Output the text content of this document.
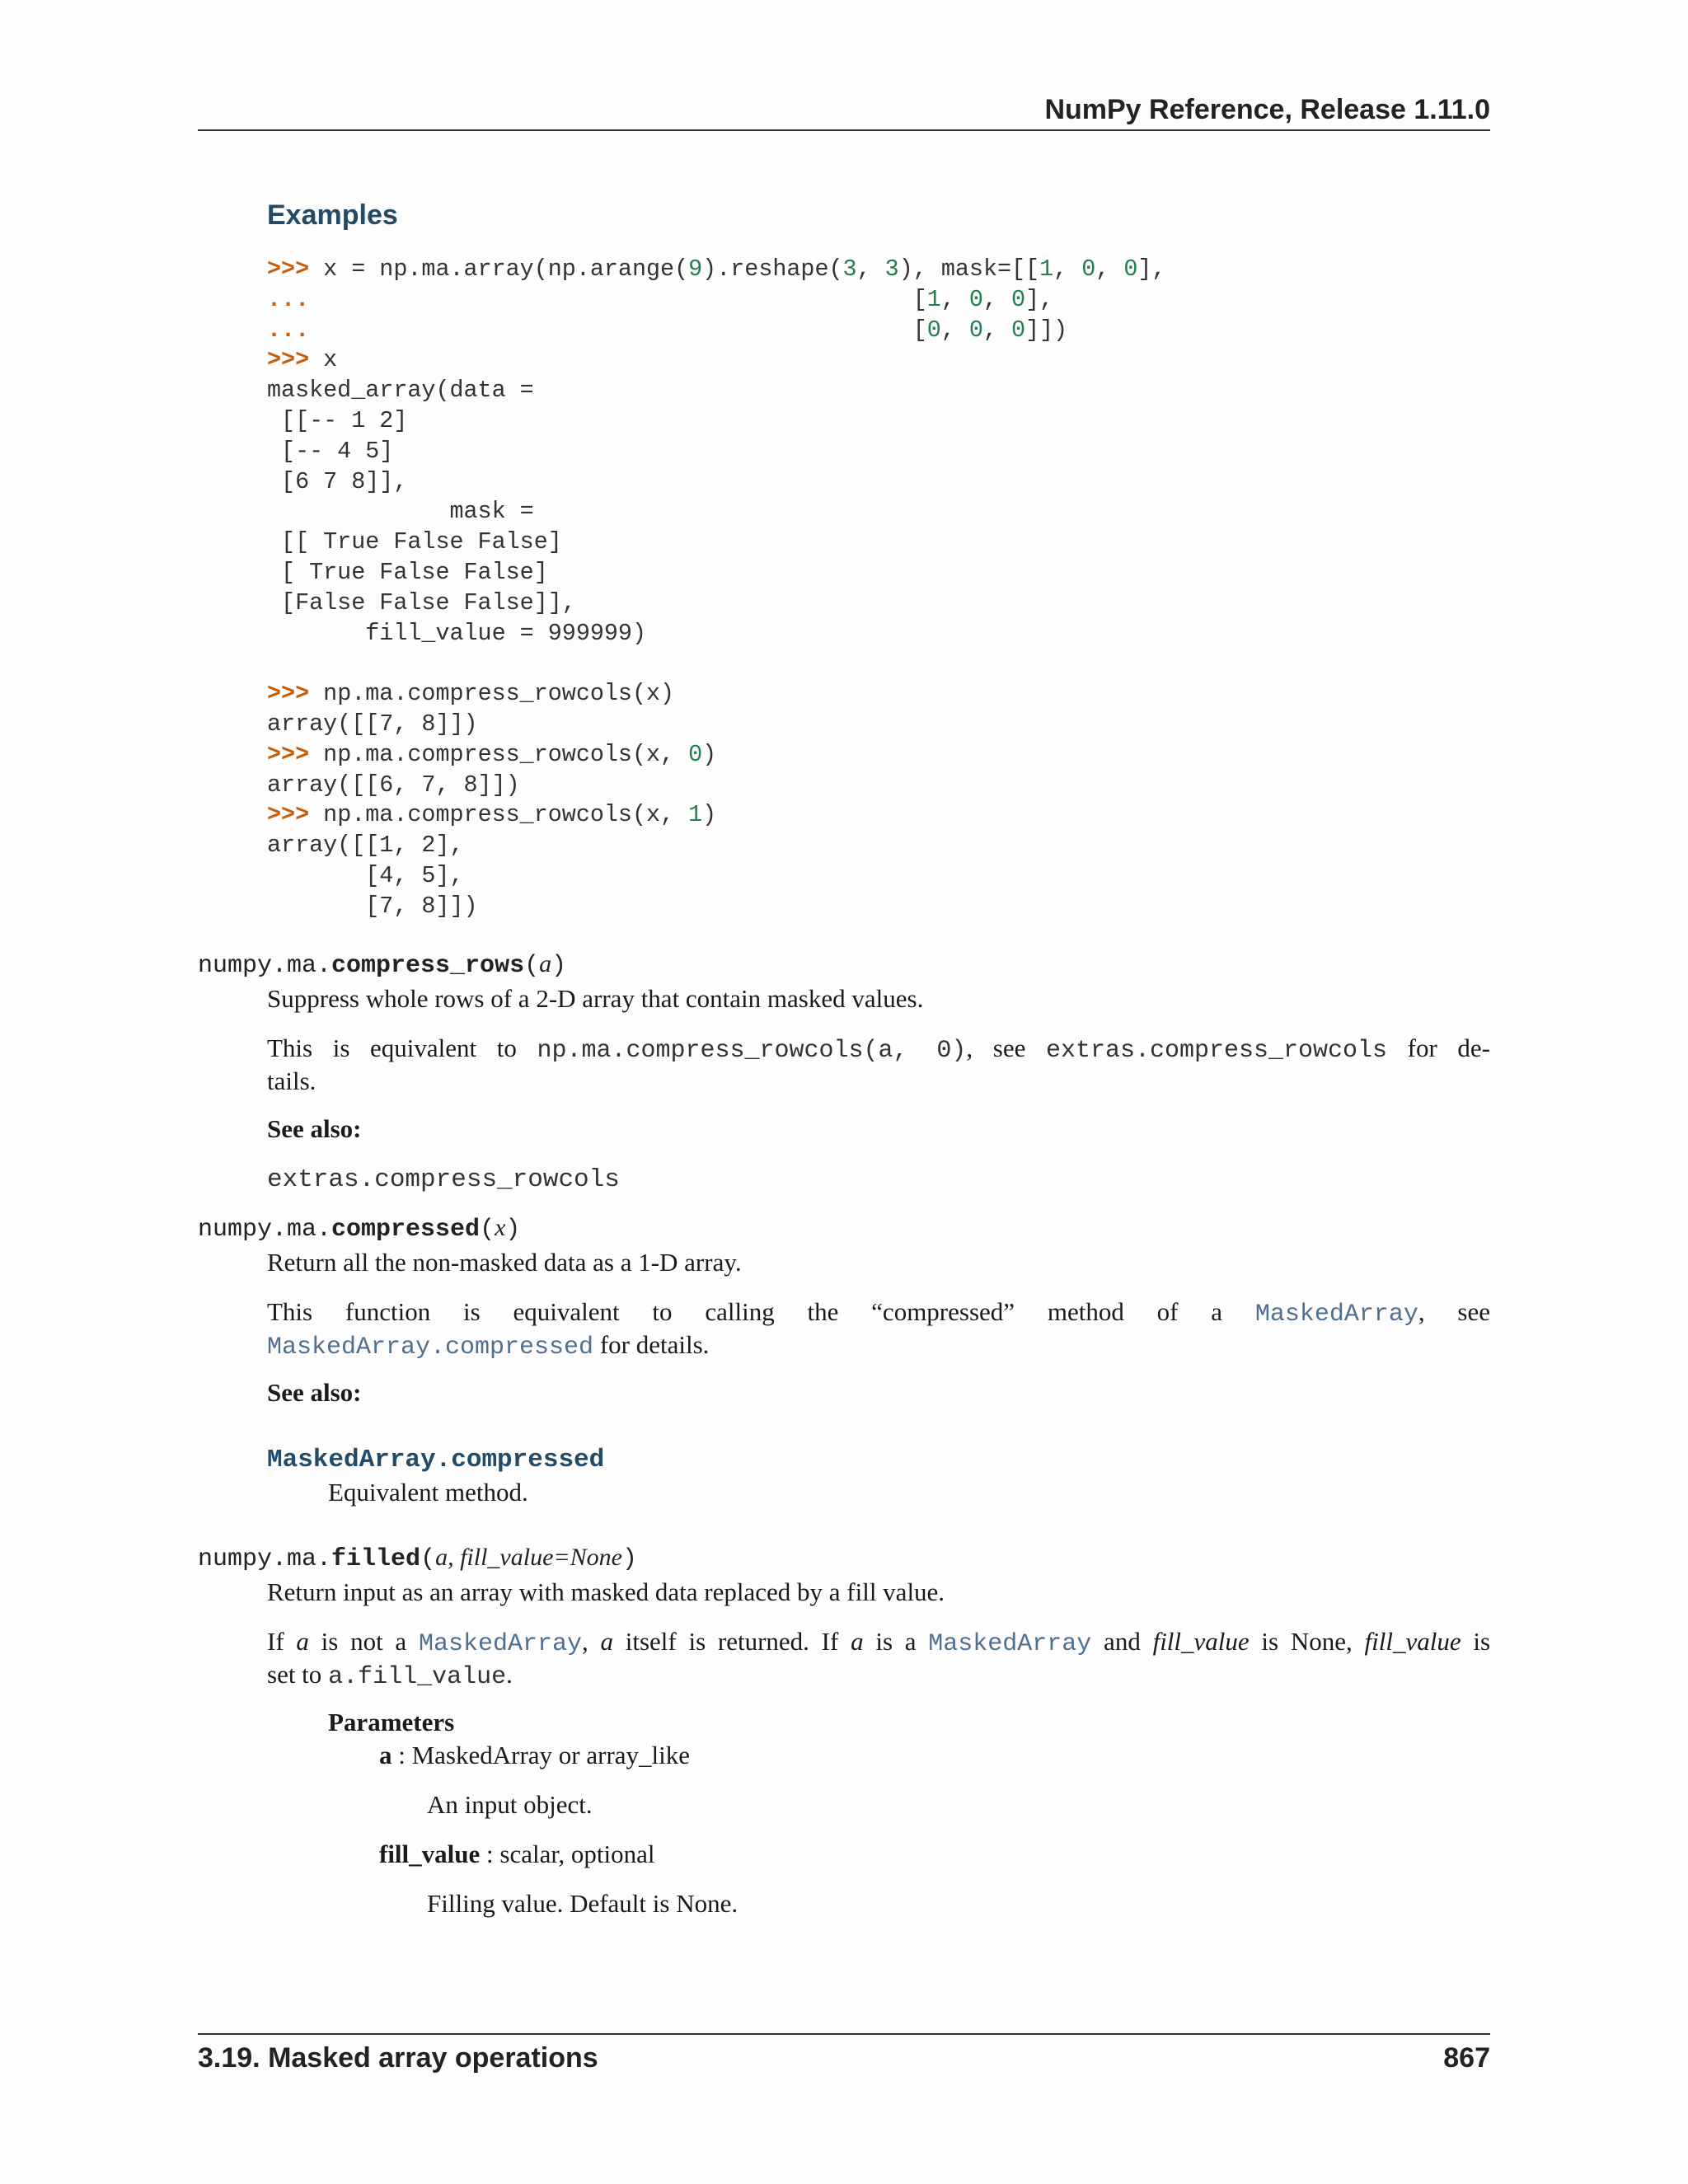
NumPy Reference, Release 1.11.0
Examples
>>> x = np.ma.array(np.arange(9).reshape(3, 3), mask=[[1, 0, 0],
...                                           [1, 0, 0],
...                                           [0, 0, 0]])
>>> x
masked_array(data =
[[-- 1 2]
[-- 4 5]
[6 7 8]],
mask =
[[ True False False]
[ True False False]
[False False False]],
fill_value = 999999)
>>> np.ma.compress_rowcols(x)
array([[7, 8]])
>>> np.ma.compress_rowcols(x, 0)
array([[6, 7, 8]])
>>> np.ma.compress_rowcols(x, 1)
array([[1, 2],
[4, 5],
[7, 8]])
numpy.ma.compress_rows(a)
Suppress whole rows of a 2-D array that contain masked values.
This is equivalent to np.ma.compress_rowcols(a, 0), see extras.compress_rowcols for de-
tails.
See also:
extras.compress_rowcols
numpy.ma.compressed(x)
Return all the non-masked data as a 1-D array.
This function is equivalent to calling the “compressed” method of a MaskedArray, see
MaskedArray.compressed for details.
See also:
MaskedArray.compressed
Equivalent method.
numpy.ma.filled(a, fill_value=None)
Return input as an array with masked data replaced by a fill value.
If a is not a MaskedArray, a itself is returned. If a is a MaskedArray and fill_value is None, fill_value is
set to a.fill_value.
Parameters
a : MaskedArray or array_like
An input object.
fill_value : scalar, optional
Filling value. Default is None.
3.19. Masked array operations	867
